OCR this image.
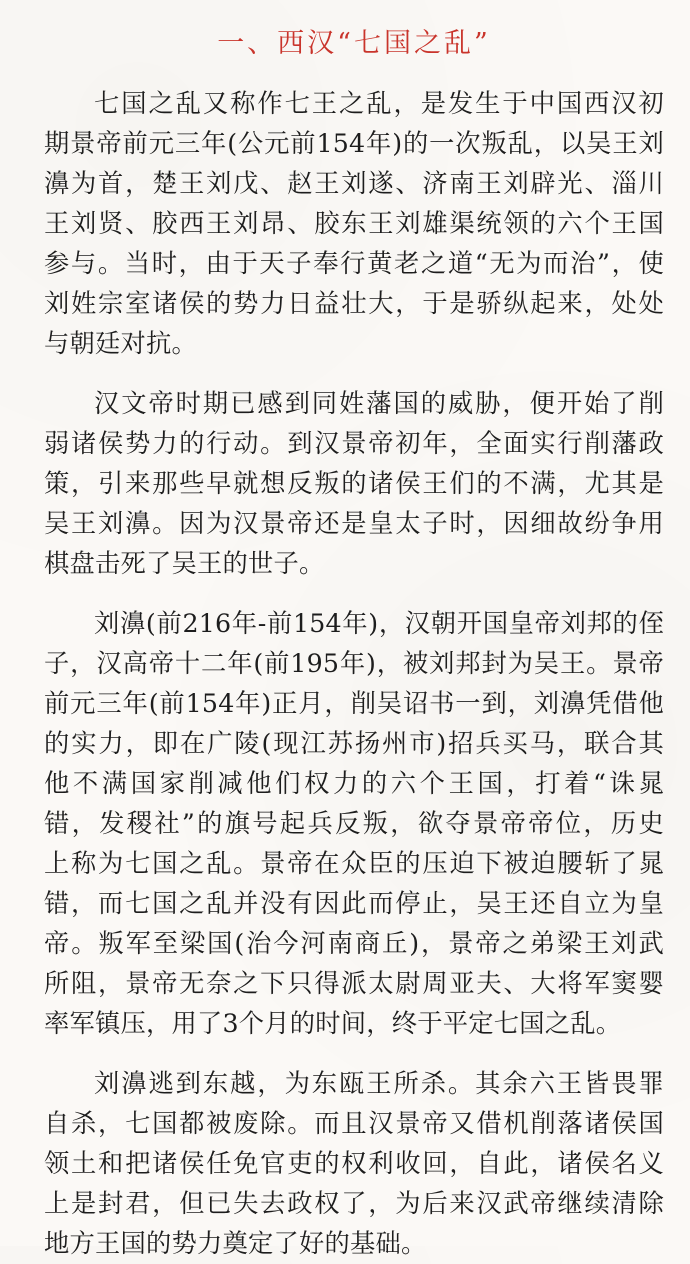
一、西汉“七国之乱”
七国之乱又称作七王之乱，是发生于中国西汉初
期景帝前元三年(公元前154年)的一次叛乱，以吴王刘
濞为首，楚王刘戊、赵王刘遂、济南王刘辟光、淄川
王刘贤、胶西王刘昂、胶东王刘雄渠统领的六个王国
参与。当时，由于天子奉行黄老之道“无为而治”，使
刘姓宗室诸侯的势力日益壮大，于是骄纵起来，处处
与朝廷对抗。
汉文帝时期已感到同姓藩国的威胁，便开始了削
弱诸侯势力的行动。到汉景帝初年，全面实行削藩政
策，引来那些早就想反叛的诸侯王们的不满，尤其是
吴王刘濞。因为汉景帝还是皇太子时，因细故纷争用
棋盘击死了吴王的世子。
刘濞(前216年-前154年)，汉朝开国皇帝刘邦的侄
子，汉高帝十二年(前195年)，被刘邦封为吴王。景帝
前元三年(前154年)正月，削吴诏书一到，刘濞凭借他
的实力，即在广陵(现江苏扬州市)招兵买马，联合其
他不满国家削减他们权力的六个王国，打着“诛晁
错，发稷社”的旗号起兵反叛，欲夺景帝帝位，历史
上称为七国之乱。景帝在众臣的压迫下被迫腰斩了晁
错，而七国之乱并没有因此而停止，吴王还自立为皇
帝。叛军至梁国(治今河南商丘)，景帝之弟梁王刘武
所阻，景帝无奈之下只得派太尉周亚夫、大将军窦婴
率军镇压，用了3个月的时间，终于平定七国之乱。
刘濞逃到东越，为东瓯王所杀。其余六王皆畏罪
自杀，七国都被废除。而且汉景帝又借机削落诸侯国
领土和把诸侯任免官吏的权利收回，自此，诸侯名义
上是封君，但已失去政权了，为后来汉武帝继续清除
地方王国的势力奠定了好的基础。
